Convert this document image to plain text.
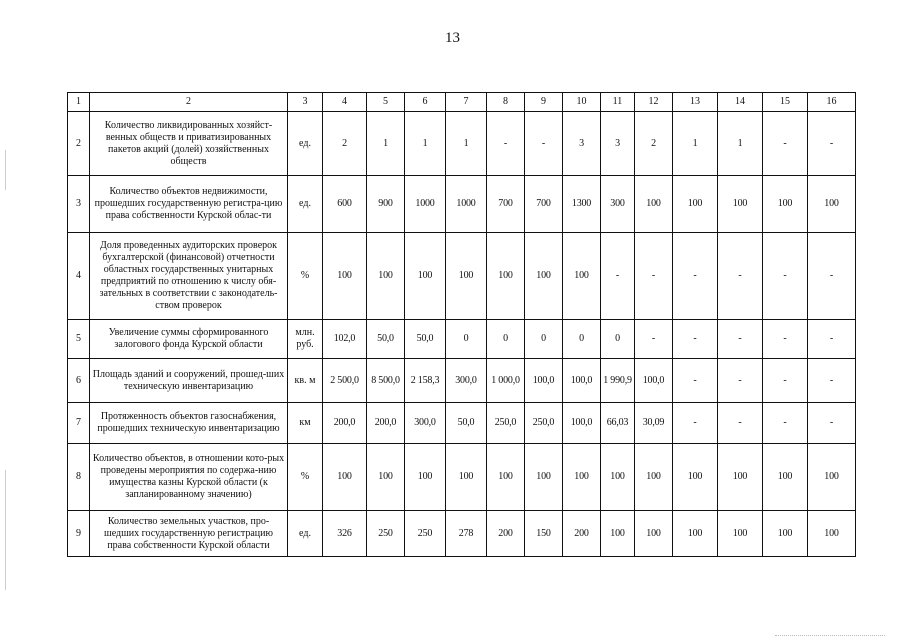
13
1	2	3	4	5	6	7	8	9	10	11	12	13	14	15	16
2	Количество ликвидированных хозяйст-венных обществ и приватизированных пакетов акций (долей) хозяйственных обществ	ед.	2	1	1	1	-	-	3	3	2	1	1	-	-
3	Количество объектов недвижимости, прошедших государственную регистра-цию права собственности Курской облас-ти	ед.	600	900	1000	1000	700	700	1300	300	100	100	100	100	100
4	Доля проведенных аудиторских проверок бухгалтерской (финансовой) отчетности областных государственных унитарных предприятий по отношению к числу обя-зательных в соответствии с законодатель-ством проверок	%	100	100	100	100	100	100	100	-	-	-	-	-	-
5	Увеличение суммы сформированного залогового фонда Курской области	млн. руб.	102,0	50,0	50,0	0	0	0	0	0	-	-	-	-	-
6	Площадь зданий и сооружений, прошед-ших техническую инвентаризацию	кв. м	2 500,0	8 500,0	2 158,3	300,0	1 000,0	100,0	100,0	1 990,9	100,0	-	-	-	-
7	Протяженность объектов газоснабжения, прошедших техническую инвентаризацию	км	200,0	200,0	300,0	50,0	250,0	250,0	100,0	66,03	30,09	-	-	-	-
8	Количество объектов, в отношении кото-рых проведены мероприятия по содержа-нию имущества казны Курской области (к запланированному значению)	%	100	100	100	100	100	100	100	100	100	100	100	100	100
9	Количество земельных участков, про-шедших государственную регистрацию права собственности Курской области	ед.	326	250	250	278	200	150	200	100	100	100	100	100	100
